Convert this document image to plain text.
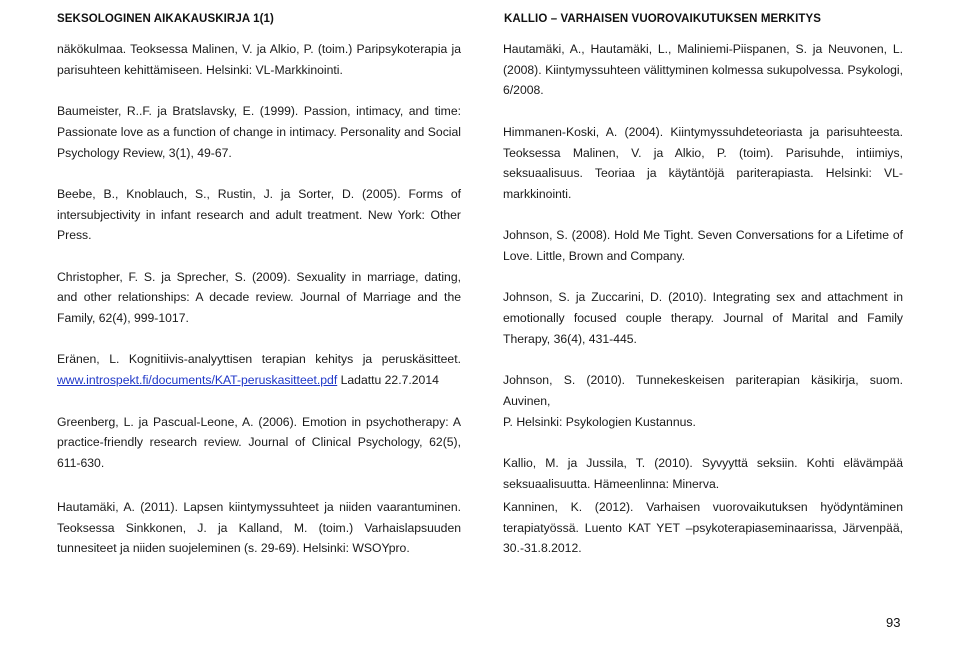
SEKSOLOGINEN AIKAKAUSKIRJA 1(1)	KALLIO – VARHAISEN VUOROVAIKUTUKSEN MERKITYS
näkökulmaa. Teoksessa Malinen, V. ja Alkio, P. (toim.) Paripsykoterapia ja
parisuhteen kehittämiseen. Helsinki: VL-Markkinointi.
Baumeister, R..F. ja Bratslavsky, E. (1999). Passion, intimacy, and time:
Passionate love as a function of change in intimacy. Personality and Social
Psychology Review, 3(1), 49-67.
Beebe, B., Knoblauch, S., Rustin, J. ja Sorter, D. (2005). Forms of
intersubjectivity in infant research and adult treatment. New York: Other
Press.
Christopher, F. S. ja Sprecher, S. (2009). Sexuality in marriage, dating,
and other relationships: A decade review. Journal of Marriage and the
Family, 62(4), 999-1017.
Eränen, L. Kognitiivis-analyyttisen terapian kehitys ja peruskäsitteet.
www.introspekt.fi/documents/KAT-peruskasitteet.pdf Ladattu 22.7.2014
Greenberg, L. ja Pascual-Leone, A. (2006). Emotion in psychotherapy: A
practice-friendly research review. Journal of Clinical Psychology, 62(5),
611-630.
Hautamäki, A., Hautamäki, L., Maliniemi-Piispanen, S. ja Neuvonen, L.
(2008). Kiintymyssuhteen välittyminen kolmessa sukupolvessa. Psykologi,
6/2008.
Himmanen-Koski, A. (2004). Kiintymyssuhdeteoriasta ja parisuhteesta.
Teoksessa Malinen, V. ja Alkio, P. (toim). Parisuhde, intiimiys,
seksuaalisuus. Teoriaa ja käytäntöjä pariterapiasta. Helsinki: VL-
markkinointi.
Johnson, S. (2008). Hold Me Tight. Seven Conversations for a Lifetime of
Love. Little, Brown and Company.
Johnson, S. ja Zuccarini, D. (2010). Integrating sex and attachment in
emotionally focused couple therapy. Journal of Marital and Family
Therapy, 36(4), 431-445.
Johnson, S. (2010). Tunnekeskeisen pariterapian käsikirja, suom. Auvinen,
P. Helsinki: Psykologien Kustannus.
Kallio, M. ja Jussila, T. (2010). Syvyyttä seksiin. Kohti elävämpää
seksuaalisuutta. Hämeenlinna: Minerva.
Hautamäki, A. (2011). Lapsen kiintymyssuhteet ja niiden vaarantuminen.
Teoksessa Sinkkonen, J. ja Kalland, M. (toim.) Varhaislapsuuden
tunnesiteet ja niiden suojeleminen (s. 29-69). Helsinki: WSOYpro.
Kanninen, K. (2012). Varhaisen vuorovaikutuksen hyödyntäminen
terapiatyössä. Luento KAT YET –psykoterapiaseminaarissa, Järvenpää,
30.-31.8.2012.
93
